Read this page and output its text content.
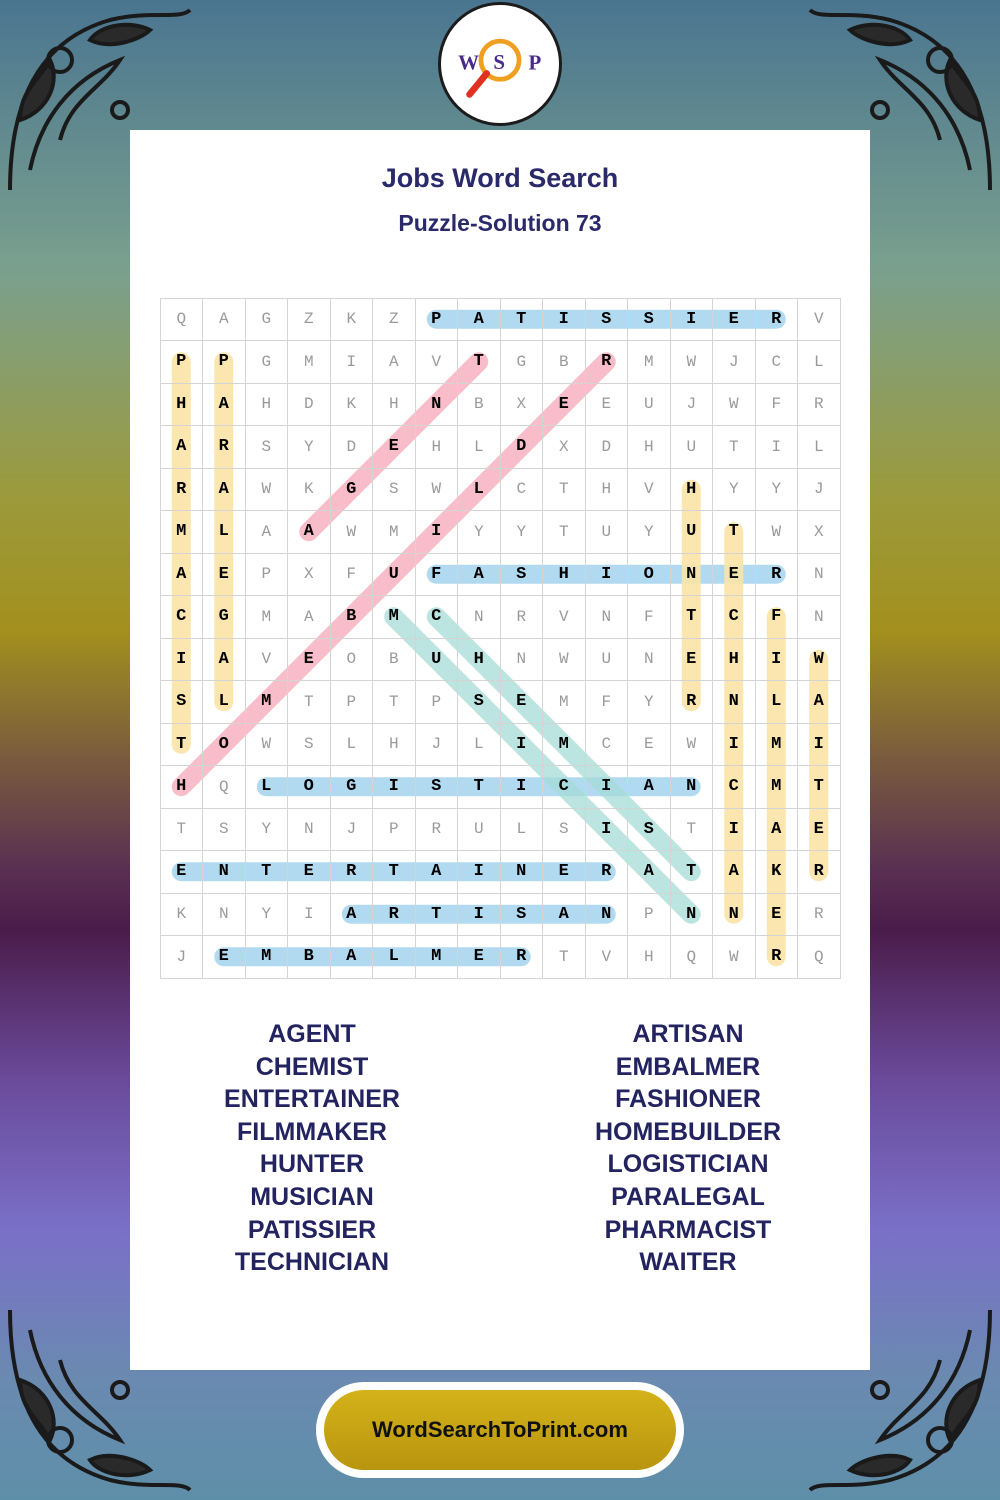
W S P
Jobs Word Search
Puzzle-Solution 73
Q	A	G	Z	K	Z	P	A	T	I	S	S	I	E	R	V
P	P	G	M	I	A	V	T	G	B	R	M	W	J	C	L
H	A	H	D	K	H	N	B	X	E	E	U	J	W	F	R
A	R	S	Y	D	E	H	L	D	X	D	H	U	T	I	L
R	A	W	K	G	S	W	L	C	T	H	V	H	Y	Y	J
M	L	A	A	W	M	I	Y	Y	T	U	Y	U	T	W	X
A	E	P	X	F	U	F	A	S	H	I	O	N	E	R	N
C	G	M	A	B	M	C	N	R	V	N	F	T	C	F	N
I	A	V	E	O	B	U	H	N	W	U	N	E	H	I	W
S	L	M	T	P	T	P	S	E	M	F	Y	R	N	L	A
T	O	W	S	L	H	J	L	I	M	C	E	W	I	M	I
H	Q	L	O	G	I	S	T	I	C	I	A	N	C	M	T
T	S	Y	N	J	P	R	U	L	S	I	S	T	I	A	E
E	N	T	E	R	T	A	I	N	E	R	A	T	A	K	R
K	N	Y	I	A	R	T	I	S	A	N	P	N	N	E	R
J	E	M	B	A	L	M	E	R	T	V	H	Q	W	R	Q
AGENT
CHEMIST
ENTERTAINER
FILMMAKER
HUNTER
MUSICIAN
PATISSIER
TECHNICIAN
ARTISAN
EMBALMER
FASHIONER
HOMEBUILDER
LOGISTICIAN
PARALEGAL
PHARMACIST
WAITER
WordSearchToPrint.com
